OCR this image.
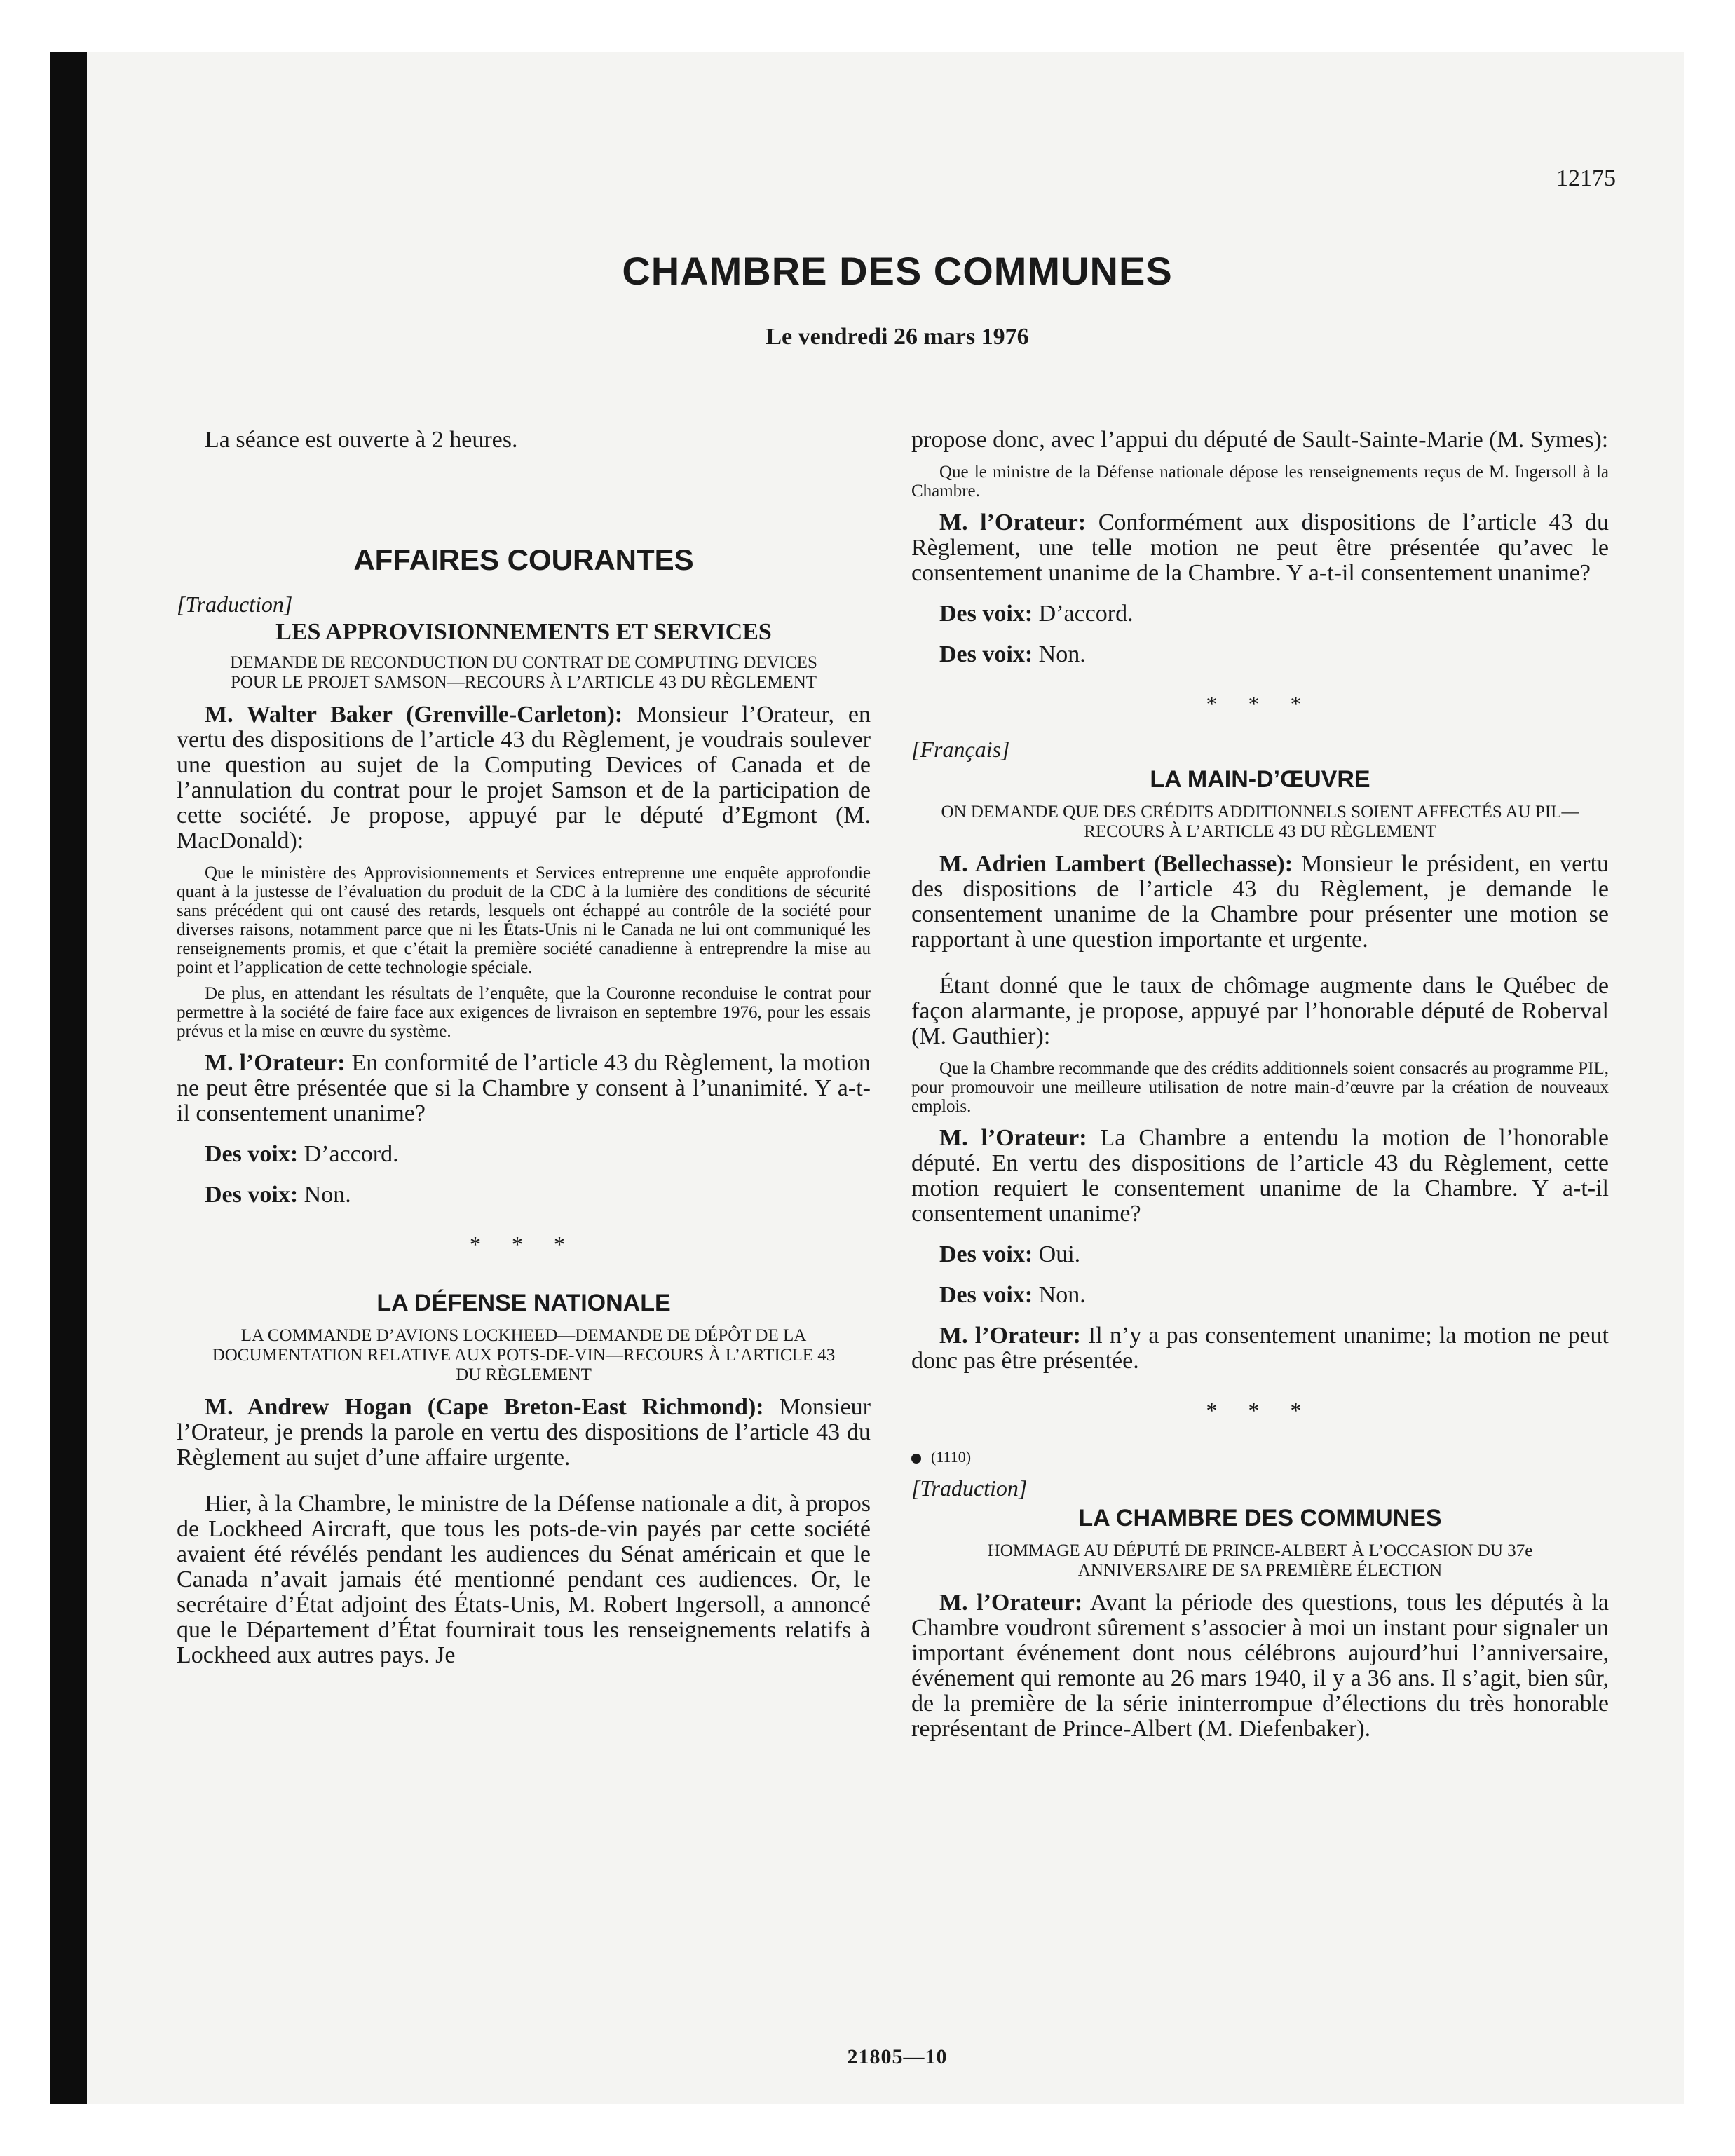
12175
CHAMBRE DES COMMUNES
Le vendredi 26 mars 1976

La séance est ouverte à 2 heures.

AFFAIRES COURANTES

[Traduction]

LES APPROVISIONNEMENTS ET SERVICES

DEMANDE DE RECONDUCTION DU CONTRAT DE COMPUTING DEVICES POUR LE PROJET SAMSON—RECOURS À L’ARTICLE 43 DU RÈGLEMENT

M. Walter Baker (Grenville-Carleton): Monsieur l’Orateur, en vertu des dispositions de l’article 43 du Règlement, je voudrais soulever une question au sujet de la Computing Devices of Canada et de l’annulation du contrat pour le projet Samson et de la participation de cette société. Je propose, appuyé par le député d’Egmont (M. MacDonald):

Que le ministère des Approvisionnements et Services entreprenne une enquête approfondie quant à la justesse de l’évaluation du produit de la CDC à la lumière des conditions de sécurité sans précédent qui ont causé des retards, lesquels ont échappé au contrôle de la société pour diverses raisons, notamment parce que ni les États-Unis ni le Canada ne lui ont communiqué les renseignements promis, et que c’était la première société canadienne à entreprendre la mise au point et l’application de cette technologie spéciale.

De plus, en attendant les résultats de l’enquête, que la Couronne reconduise le contrat pour permettre à la société de faire face aux exigences de livraison en septembre 1976, pour les essais prévus et la mise en œuvre du système.

M. l’Orateur: En conformité de l’article 43 du Règlement, la motion ne peut être présentée que si la Chambre y consent à l’unanimité. Y a-t-il consentement unanime?

Des voix: D’accord.

Des voix: Non.

* * *

LA DÉFENSE NATIONALE

LA COMMANDE D’AVIONS LOCKHEED—DEMANDE DE DÉPÔT DE LA DOCUMENTATION RELATIVE AUX POTS-DE-VIN—RECOURS À L’ARTICLE 43 DU RÈGLEMENT

M. Andrew Hogan (Cape Breton-East Richmond): Monsieur l’Orateur, je prends la parole en vertu des dispositions de l’article 43 du Règlement au sujet d’une affaire urgente.

Hier, à la Chambre, le ministre de la Défense nationale a dit, à propos de Lockheed Aircraft, que tous les pots-de-vin payés par cette société avaient été révélés pendant les audiences du Sénat américain et que le Canada n’avait jamais été mentionné pendant ces audiences. Or, le secrétaire d’État adjoint des États-Unis, M. Robert Ingersoll, a annoncé que le Département d’État fournirait tous les renseignements relatifs à Lockheed aux autres pays. Je

propose donc, avec l’appui du député de Sault-Sainte-Marie (M. Symes):

Que le ministre de la Défense nationale dépose les renseignements reçus de M. Ingersoll à la Chambre.

M. l’Orateur: Conformément aux dispositions de l’article 43 du Règlement, une telle motion ne peut être présentée qu’avec le consentement unanime de la Chambre. Y a-t-il consentement unanime?

Des voix: D’accord.

Des voix: Non.

* * *

[Français]

LA MAIN-D’ŒUVRE

ON DEMANDE QUE DES CRÉDITS ADDITIONNELS SOIENT AFFECTÉS AU PIL—RECOURS À L’ARTICLE 43 DU RÈGLEMENT

M. Adrien Lambert (Bellechasse): Monsieur le président, en vertu des dispositions de l’article 43 du Règlement, je demande le consentement unanime de la Chambre pour présenter une motion se rapportant à une question importante et urgente.

Étant donné que le taux de chômage augmente dans le Québec de façon alarmante, je propose, appuyé par l’honorable député de Roberval (M. Gauthier):

Que la Chambre recommande que des crédits additionnels soient consacrés au programme PIL, pour promouvoir une meilleure utilisation de notre main-d’œuvre par la création de nouveaux emplois.

M. l’Orateur: La Chambre a entendu la motion de l’honorable député. En vertu des dispositions de l’article 43 du Règlement, cette motion requiert le consentement unanime de la Chambre. Y a-t-il consentement unanime?

Des voix: Oui.

Des voix: Non.

M. l’Orateur: Il n’y a pas consentement unanime; la motion ne peut donc pas être présentée.

* * *

(1110)

[Traduction]

LA CHAMBRE DES COMMUNES

HOMMAGE AU DÉPUTÉ DE PRINCE-ALBERT À L’OCCASION DU 37e ANNIVERSAIRE DE SA PREMIÈRE ÉLECTION

M. l’Orateur: Avant la période des questions, tous les députés à la Chambre voudront sûrement s’associer à moi un instant pour signaler un important événement dont nous célébrons aujourd’hui l’anniversaire, événement qui remonte au 26 mars 1940, il y a 36 ans. Il s’agit, bien sûr, de la première de la série ininterrompue d’élections du très honorable représentant de Prince-Albert (M. Diefenbaker).

21805—10
